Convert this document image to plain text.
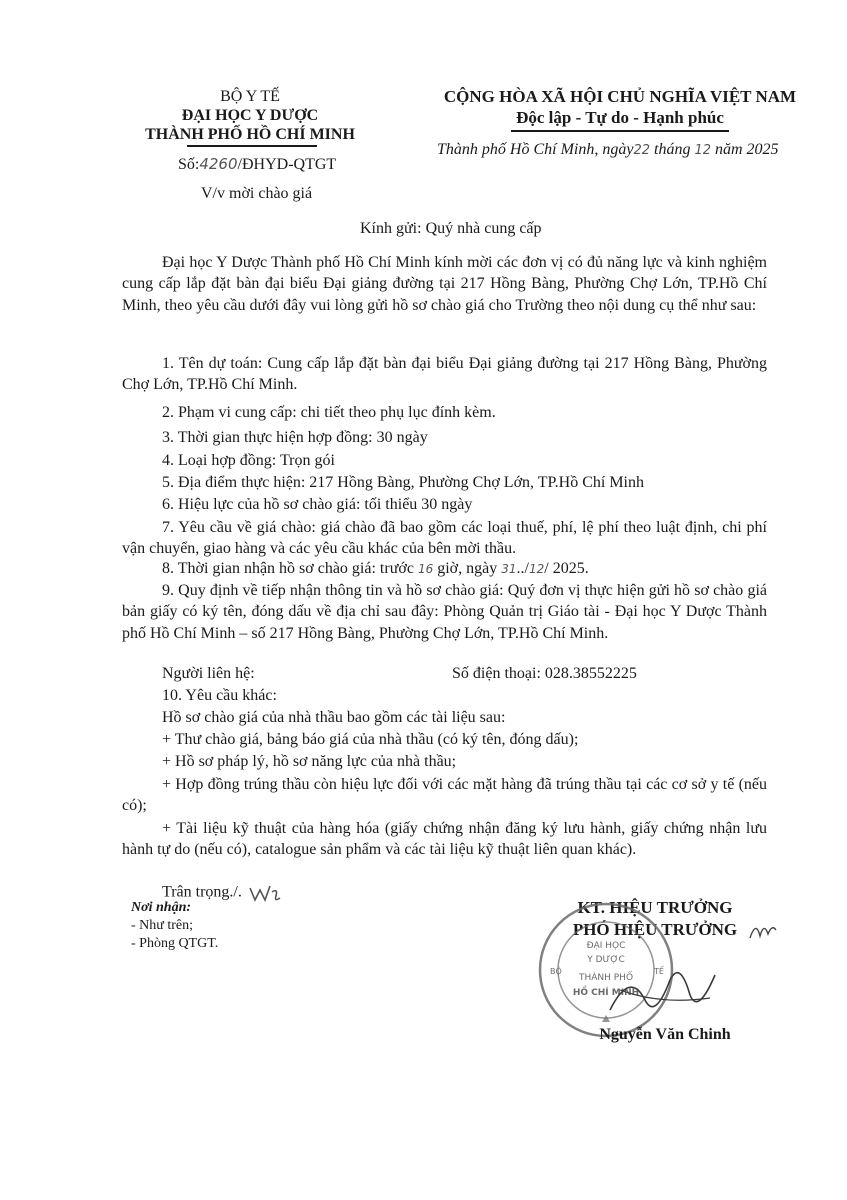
BỘ Y TẾ
ĐẠI HỌC Y DƯỢC
THÀNH PHỐ HỒ CHÍ MINH
Số:4260/ĐHYD-QTGT
V/v mời chào giá
CỘNG HÒA XÃ HỘI CHỦ NGHĨA VIỆT NAM
Độc lập - Tự do - Hạnh phúc
Thành phố Hồ Chí Minh, ngày22 tháng 12 năm 2025
Kính gửi: Quý nhà cung cấp
Đại học Y Dược Thành phố Hồ Chí Minh kính mời các đơn vị có đủ năng lực và kinh nghiệm cung cấp lắp đặt bàn đại biểu Đại giảng đường tại 217 Hồng Bàng, Phường Chợ Lớn, TP.Hồ Chí Minh, theo yêu cầu dưới đây vui lòng gửi hồ sơ chào giá cho Trường theo nội dung cụ thể như sau:
1. Tên dự toán: Cung cấp lắp đặt bàn đại biểu Đại giảng đường tại 217 Hồng Bàng, Phường Chợ Lớn, TP.Hồ Chí Minh.
2. Phạm vi cung cấp: chi tiết theo phụ lục đính kèm.
3. Thời gian thực hiện hợp đồng: 30 ngày
4. Loại hợp đồng: Trọn gói
5. Địa điểm thực hiện: 217 Hồng Bàng, Phường Chợ Lớn, TP.Hồ Chí Minh
6. Hiệu lực của hồ sơ chào giá: tối thiểu 30 ngày
7. Yêu cầu về giá chào: giá chào đã bao gồm các loại thuế, phí, lệ phí theo luật định, chi phí vận chuyển, giao hàng và các yêu cầu khác của bên mời thầu.
8. Thời gian nhận hồ sơ chào giá: trước 16 giờ, ngày 31../12/ 2025.
9. Quy định về tiếp nhận thông tin và hồ sơ chào giá: Quý đơn vị thực hiện gửi hồ sơ chào giá bản giấy có ký tên, đóng dấu về địa chỉ sau đây: Phòng Quản trị Giáo tài - Đại học Y Dược Thành phố Hồ Chí Minh – số 217 Hồng Bàng, Phường Chợ Lớn, TP.Hồ Chí Minh.
Người liên hệ:	Số điện thoại: 028.38552225
10. Yêu cầu khác:
Hồ sơ chào giá của nhà thầu bao gồm các tài liệu sau:
+ Thư chào giá, bảng báo giá của nhà thầu (có ký tên, đóng dấu);
+ Hồ sơ pháp lý, hồ sơ năng lực của nhà thầu;
+ Hợp đồng trúng thầu còn hiệu lực đối với các mặt hàng đã trúng thầu tại các cơ sở y tế (nếu có);
+ Tài liệu kỹ thuật của hàng hóa (giấy chứng nhận đăng ký lưu hành, giấy chứng nhận lưu hành tự do (nếu có), catalogue sản phẩm và các tài liệu kỹ thuật liên quan khác).
Trân trọng./.
Nơi nhận:
- Như trên;
- Phòng QTGT.
KT. HIỆU TRƯỞNG
PHÓ HIỆU TRƯỞNG
ĐẠI HỌC
Y DƯỢC
THÀNH PHỐ
HỒ CHÍ MINH
BỘ	TẾ
Nguyễn Văn Chinh
